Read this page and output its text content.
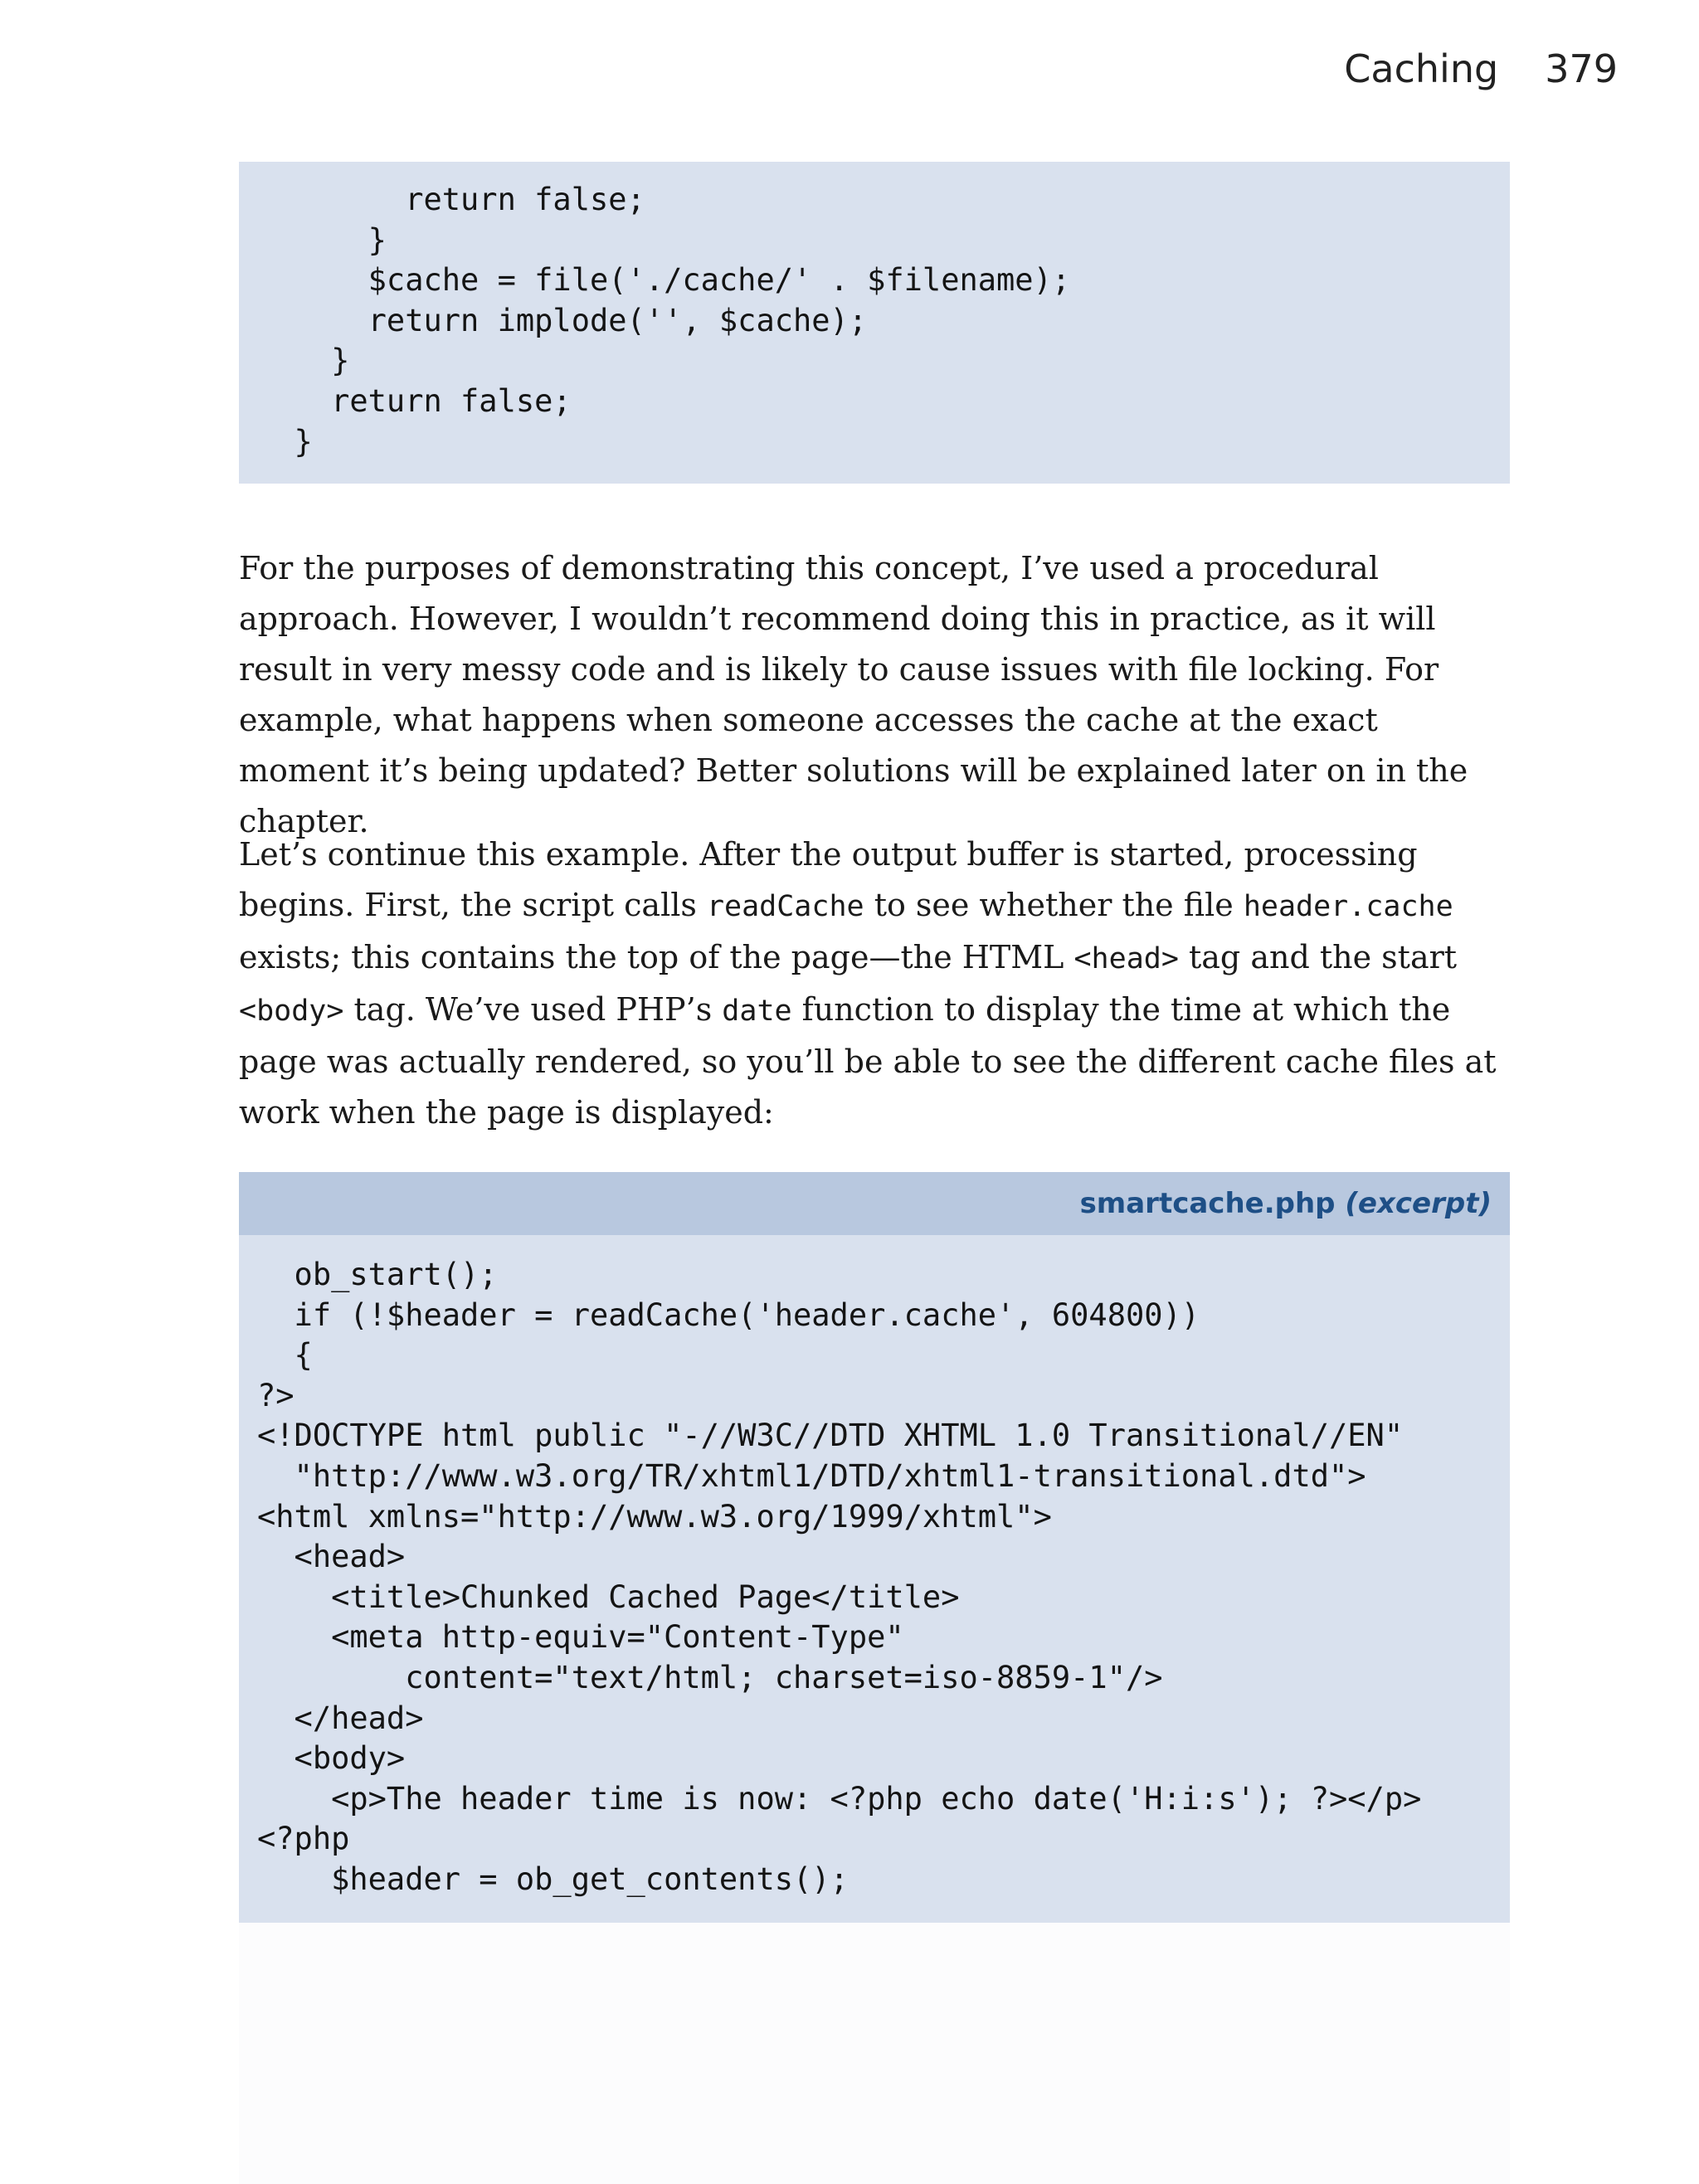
Caching 379
return false;
}
$cache = file('./cache/' . $filename);
return implode('', $cache);
}
return false;
}

For the purposes of demonstrating this concept, I’ve used a procedural approach. However, I wouldn’t recommend doing this in practice, as it will result in very messy code and is likely to cause issues with file locking. For example, what happens when someone accesses the cache at the exact moment it’s being updated? Better solutions will be explained later on in the chapter.

Let’s continue this example. After the output buffer is started, processing begins. First, the script calls readCache to see whether the file header.cache exists; this contains the top of the page—the HTML <head> tag and the start <body> tag. We’ve used PHP’s date function to display the time at which the page was actually rendered, so you’ll be able to see the different cache files at work when the page is displayed:

smartcache.php (excerpt)
ob_start();
if (!$header = readCache('header.cache', 604800))
{
?>
<!DOCTYPE html public "-//W3C//DTD XHTML 1.0 Transitional//EN"
"http://www.w3.org/TR/xhtml1/DTD/xhtml1-transitional.dtd">
<html xmlns="http://www.w3.org/1999/xhtml">
<head>
<title>Chunked Cached Page</title>
<meta http-equiv="Content-Type"
content="text/html; charset=iso-8859-1"/>
</head>
<body>
<p>The header time is now: <?php echo date('H:i:s'); ?></p>
<?php
$header = ob_get_contents();
